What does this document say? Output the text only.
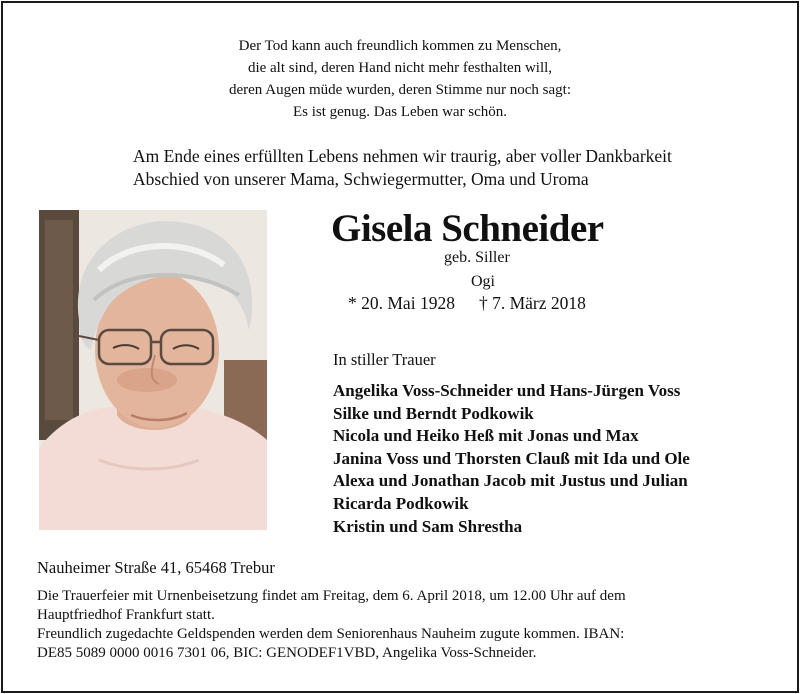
Der Tod kann auch freundlich kommen zu Menschen,
die alt sind, deren Hand nicht mehr festhalten will,
deren Augen müde wurden, deren Stimme nur noch sagt:
Es ist genug. Das Leben war schön.
Am Ende eines erfüllten Lebens nehmen wir traurig, aber voller Dankbarkeit
Abschied von unserer Mama, Schwiegermutter, Oma und Uroma
Gisela Schneider
geb. Siller
Ogi
* 20. Mai 1928 † 7. März 2018
In stiller Trauer
Angelika Voss-Schneider und Hans-Jürgen Voss
Silke und Berndt Podkowik
Nicola und Heiko Heß mit Jonas und Max
Janina Voss und Thorsten Clauß mit Ida und Ole
Alexa und Jonathan Jacob mit Justus und Julian
Ricarda Podkowik
Kristin und Sam Shrestha
Nauheimer Straße 41, 65468 Trebur
Die Trauerfeier mit Urnenbeisetzung findet am Freitag, dem 6. April 2018, um 12.00 Uhr auf dem
Hauptfriedhof Frankfurt statt.
Freundlich zugedachte Geldspenden werden dem Seniorenhaus Nauheim zugute kommen. IBAN:
DE85 5089 0000 0016 7301 06, BIC: GENODEF1VBD, Angelika Voss-Schneider.
